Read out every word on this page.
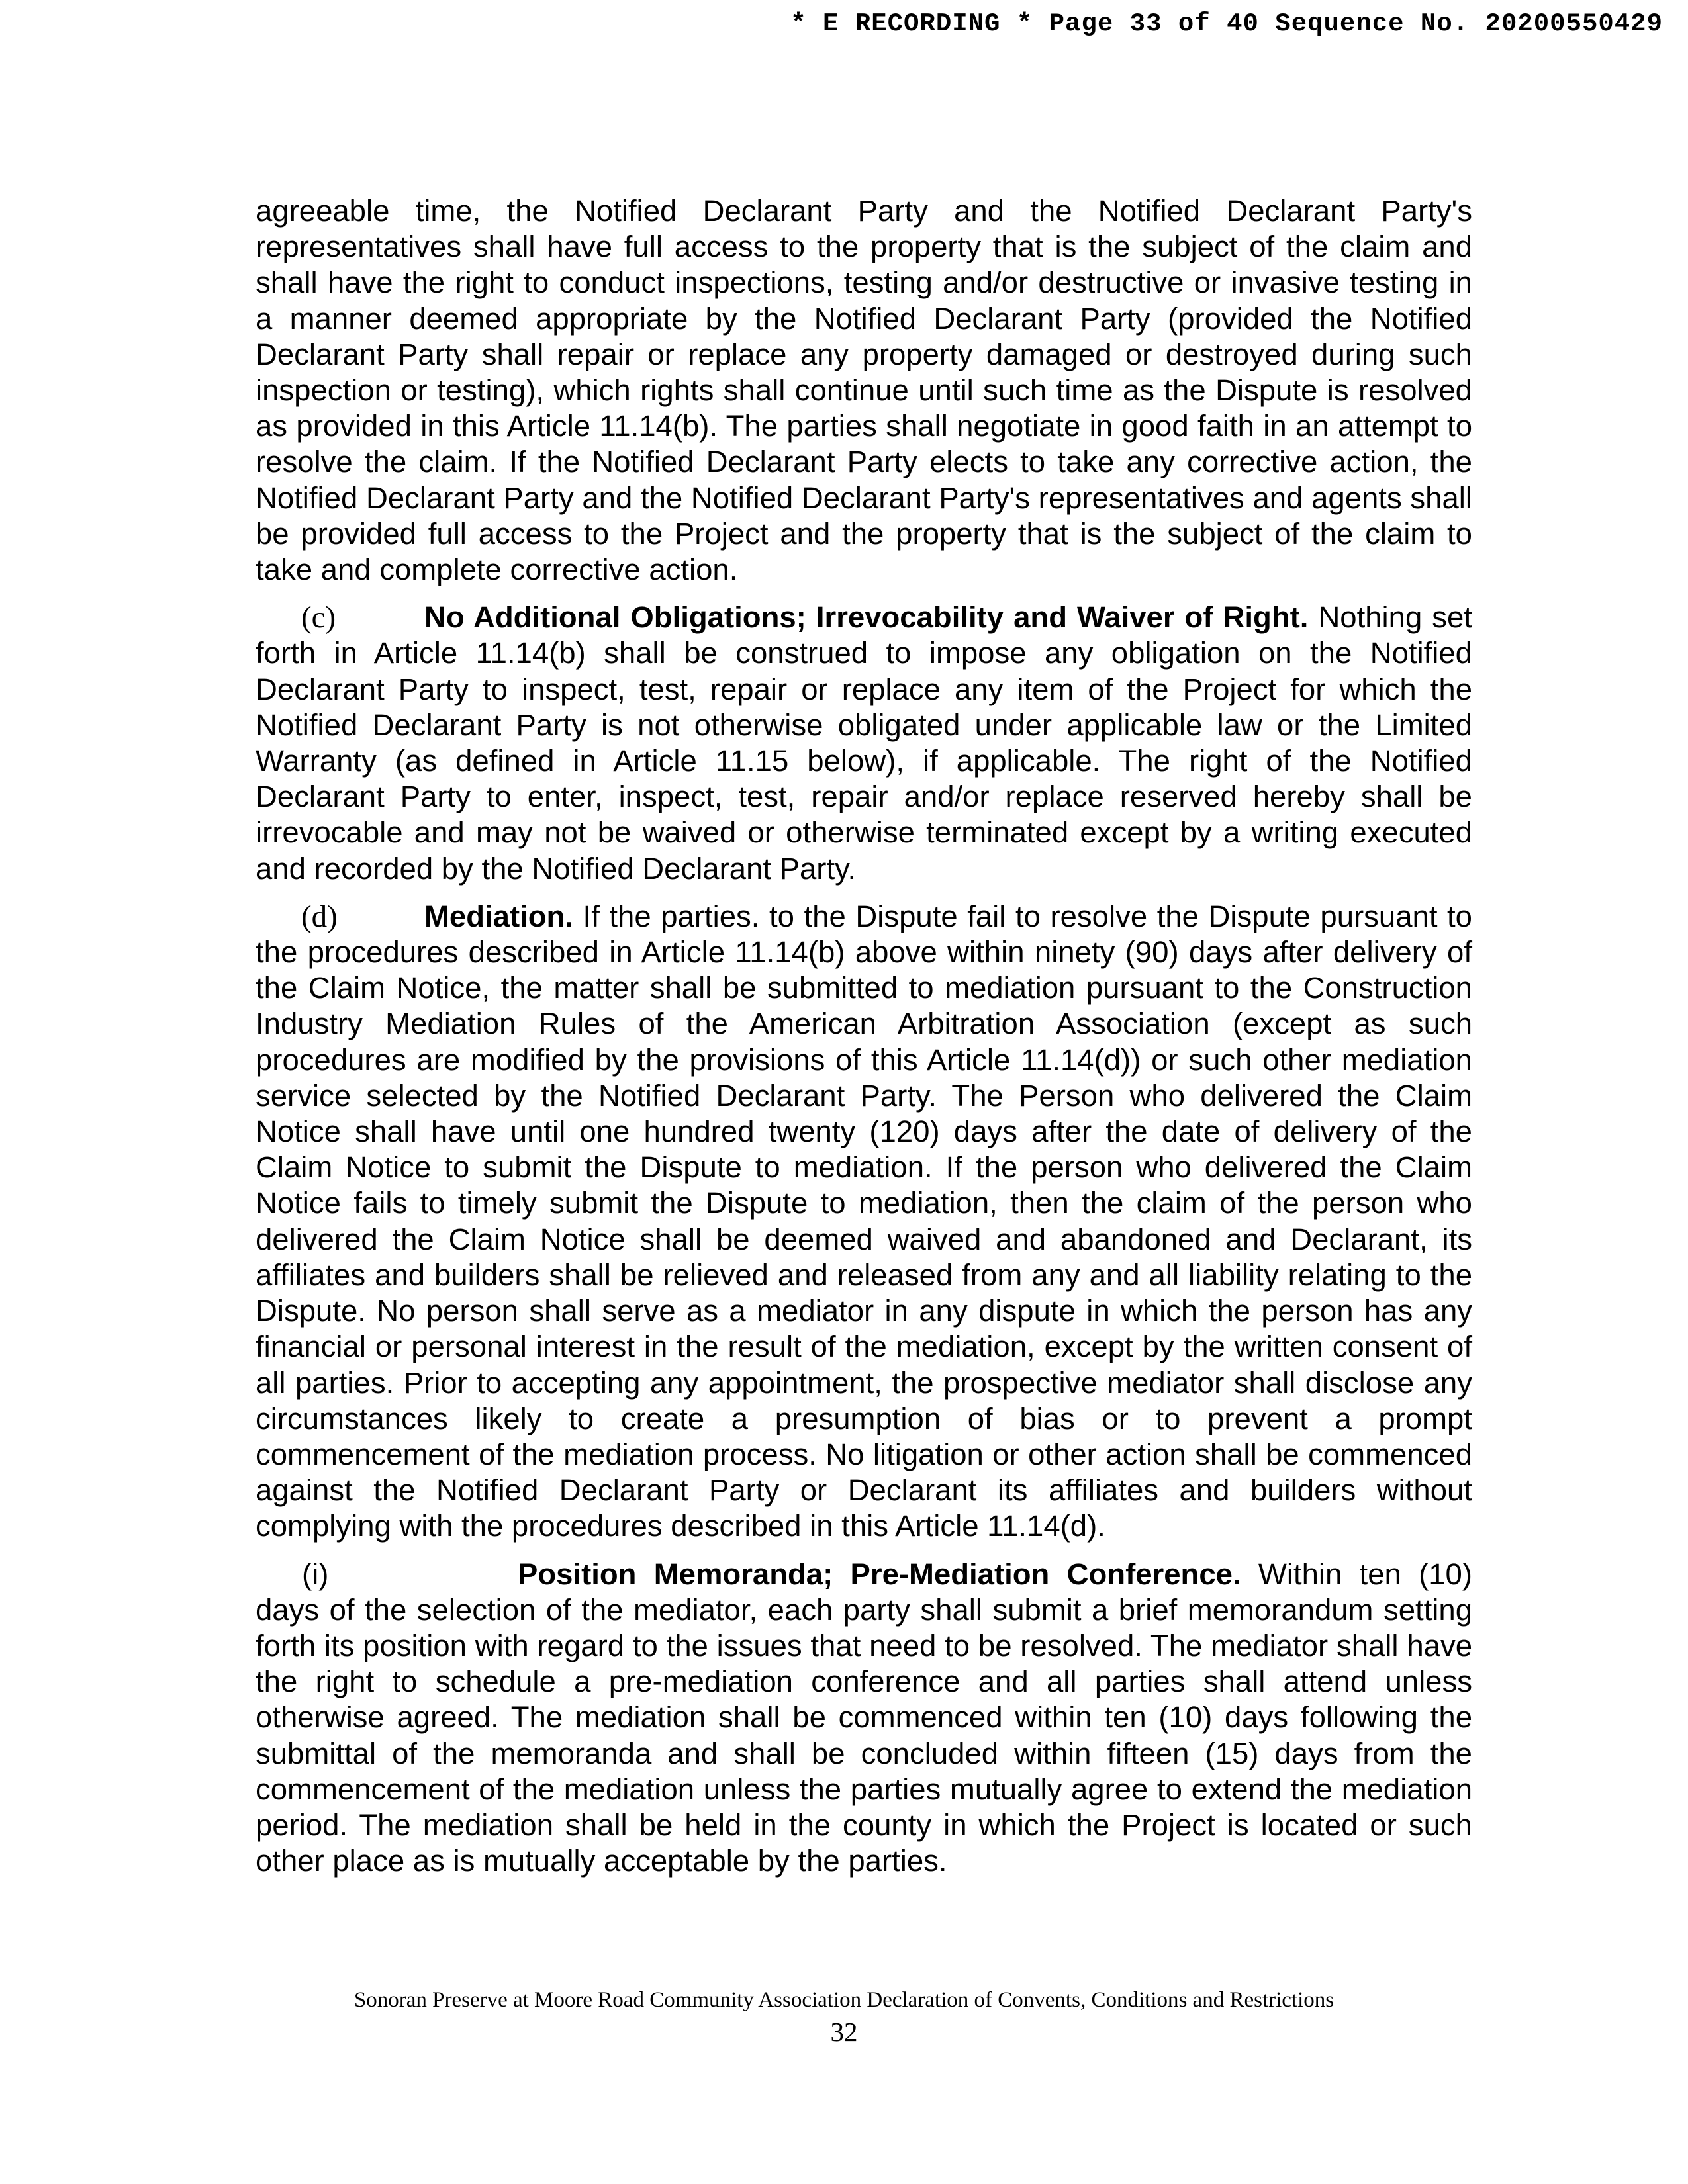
* E RECORDING * Page 33 of 40 Sequence No. 20200550429

agreeable time, the Notified Declarant Party and the Notified Declarant Party's representatives shall have full access to the property that is the subject of the claim and shall have the right to conduct inspections, testing and/or destructive or invasive testing in a manner deemed appropriate by the Notified Declarant Party (provided the Notified Declarant Party shall repair or replace any property damaged or destroyed during such inspection or testing), which rights shall continue until such time as the Dispute is resolved as provided in this Article 11.14(b). The parties shall negotiate in good faith in an attempt to resolve the claim. If the Notified Declarant Party elects to take any corrective action, the Notified Declarant Party and the Notified Declarant Party's representatives and agents shall be provided full access to the Project and the property that is the subject of the claim to take and complete corrective action.

(c)	No Additional Obligations; Irrevocability and Waiver of Right. Nothing set forth in Article 11.14(b) shall be construed to impose any obligation on the Notified Declarant Party to inspect, test, repair or replace any item of the Project for which the Notified Declarant Party is not otherwise obligated under applicable law or the Limited Warranty (as defined in Article 11.15 below), if applicable. The right of the Notified Declarant Party to enter, inspect, test, repair and/or replace reserved hereby shall be irrevocable and may not be waived or otherwise terminated except by a writing executed and recorded by the Notified Declarant Party.

(d)	Mediation. If the parties. to the Dispute fail to resolve the Dispute pursuant to the procedures described in Article 11.14(b) above within ninety (90) days after delivery of the Claim Notice, the matter shall be submitted to mediation pursuant to the Construction Industry Mediation Rules of the American Arbitration Association (except as such procedures are modified by the provisions of this Article 11.14(d)) or such other mediation service selected by the Notified Declarant Party. The Person who delivered the Claim Notice shall have until one hundred twenty (120) days after the date of delivery of the Claim Notice to submit the Dispute to mediation. If the person who delivered the Claim Notice fails to timely submit the Dispute to mediation, then the claim of the person who delivered the Claim Notice shall be deemed waived and abandoned and Declarant, its affiliates and builders shall be relieved and released from any and all liability relating to the Dispute. No person shall serve as a mediator in any dispute in which the person has any financial or personal interest in the result of the mediation, except by the written consent of all parties. Prior to accepting any appointment, the prospective mediator shall disclose any circumstances likely to create a presumption of bias or to prevent a prompt commencement of the mediation process. No litigation or other action shall be commenced against the Notified Declarant Party or Declarant its affiliates and builders without complying with the procedures described in this Article 11.14(d).

(i)	Position Memoranda; Pre-Mediation Conference. Within ten (10) days of the selection of the mediator, each party shall submit a brief memorandum setting forth its position with regard to the issues that need to be resolved. The mediator shall have the right to schedule a pre-mediation conference and all parties shall attend unless otherwise agreed. The mediation shall be commenced within ten (10) days following the submittal of the memoranda and shall be concluded within fifteen (15) days from the commencement of the mediation unless the parties mutually agree to extend the mediation period. The mediation shall be held in the county in which the Project is located or such other place as is mutually acceptable by the parties.

Sonoran Preserve at Moore Road Community Association Declaration of Convents, Conditions and Restrictions
32
